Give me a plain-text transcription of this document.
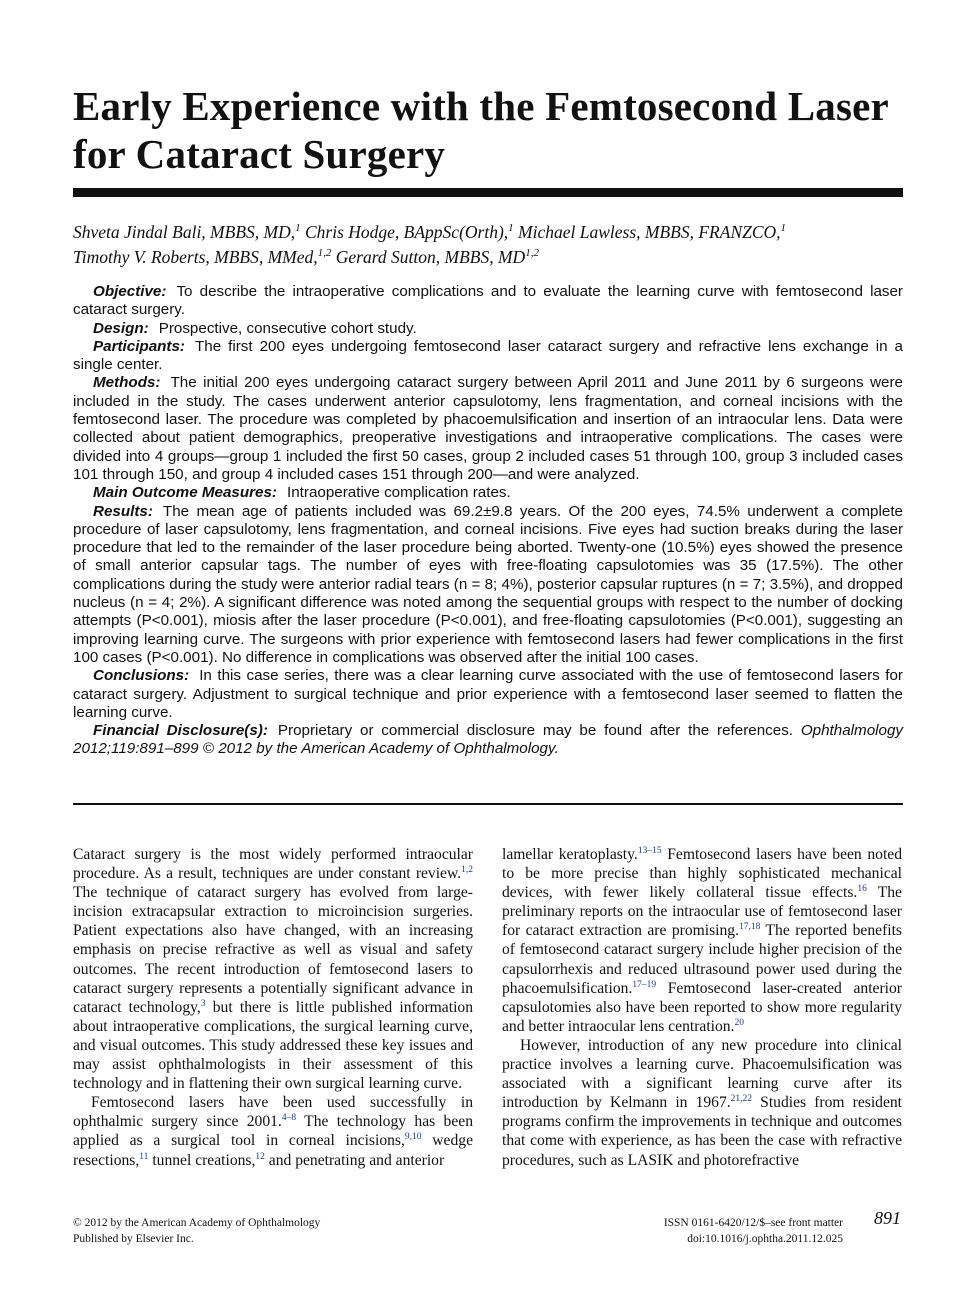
Early Experience with the Femtosecond Laser for Cataract Surgery
Shveta Jindal Bali, MBBS, MD,$^1$ Chris Hodge, BAppSc(Orth),$^1$ Michael Lawless, MBBS, FRANZCO,$^1$
Timothy V. Roberts, MBBS, MMed,$^{1,2}$ Gerard Sutton, MBBS, MD$^{1,2}$

Objective: To describe the intraoperative complications and to evaluate the learning curve with femtosecond laser cataract surgery.

Design: Prospective, consecutive cohort study.

Participants: The first 200 eyes undergoing femtosecond laser cataract surgery and refractive lens exchange in a single center.

Methods: The initial 200 eyes undergoing cataract surgery between April 2011 and June 2011 by 6 surgeons were included in the study. The cases underwent anterior capsulotomy, lens fragmentation, and corneal incisions with the femtosecond laser. The procedure was completed by phacoemulsification and insertion of an intraocular lens. Data were collected about patient demographics, preoperative investigations and intraoperative complications. The cases were divided into 4 groups—group 1 included the first 50 cases, group 2 included cases 51 through 100, group 3 included cases 101 through 150, and group 4 included cases 151 through 200—and were analyzed.

Main Outcome Measures: Intraoperative complication rates.

Results: The mean age of patients included was 69.2±9.8 years. Of the 200 eyes, 74.5% underwent a complete procedure of laser capsulotomy, lens fragmentation, and corneal incisions. Five eyes had suction breaks during the laser procedure that led to the remainder of the laser procedure being aborted. Twenty-one (10.5%) eyes showed the presence of small anterior capsular tags. The number of eyes with free-floating capsulotomies was 35 (17.5%). The other complications during the study were anterior radial tears (n = 8; 4%), posterior capsular ruptures (n = 7; 3.5%), and dropped nucleus (n = 4; 2%). A significant difference was noted among the sequential groups with respect to the number of docking attempts (P<0.001), miosis after the laser procedure (P<0.001), and free-floating capsulotomies (P<0.001), suggesting an improving learning curve. The surgeons with prior experience with femtosecond lasers had fewer complications in the first 100 cases (P<0.001). No difference in complications was observed after the initial 100 cases.

Conclusions: In this case series, there was a clear learning curve associated with the use of femtosecond lasers for cataract surgery. Adjustment to surgical technique and prior experience with a femtosecond laser seemed to flatten the learning curve.

Financial Disclosure(s): Proprietary or commercial disclosure may be found after the references. Ophthalmology 2012;119:891–899 © 2012 by the American Academy of Ophthalmology.

Cataract surgery is the most widely performed intraocular procedure. As a result, techniques are under constant review.$^{1,2}$ The technique of cataract surgery has evolved from large-incision extracapsular extraction to microincision surgeries. Patient expectations also have changed, with an increasing emphasis on precise refractive as well as visual and safety outcomes. The recent introduction of femtosecond lasers to cataract surgery represents a potentially significant advance in cataract technology,$^3$ but there is little published information about intraoperative complications, the surgical learning curve, and visual outcomes. This study addressed these key issues and may assist ophthalmologists in their assessment of this technology and in flattening their own surgical learning curve.

Femtosecond lasers have been used successfully in ophthalmic surgery since 2001.$^{4-8}$ The technology has been applied as a surgical tool in corneal incisions,$^{9,10}$ wedge resections,$^{11}$ tunnel creations,$^{12}$ and penetrating and anterior

lamellar keratoplasty.$^{13-15}$ Femtosecond lasers have been noted to be more precise than highly sophisticated mechanical devices, with fewer likely collateral tissue effects.$^{16}$ The preliminary reports on the intraocular use of femtosecond laser for cataract extraction are promising.$^{17,18}$ The reported benefits of femtosecond cataract surgery include higher precision of the capsulorrhexis and reduced ultrasound power used during the phacoemulsification.$^{17-19}$ Femtosecond laser-created anterior capsulotomies also have been reported to show more regularity and better intraocular lens centration.$^{20}$

However, introduction of any new procedure into clinical practice involves a learning curve. Phacoemulsification was associated with a significant learning curve after its introduction by Kelmann in 1967.$^{21,22}$ Studies from resident programs confirm the improvements in technique and outcomes that come with experience, as has been the case with refractive procedures, such as LASIK and photorefractive

© 2012 by the American Academy of Ophthalmology
Published by Elsevier Inc.
ISSN 0161-6420/12/$–see front matter
doi:10.1016/j.ophtha.2011.12.025
891
